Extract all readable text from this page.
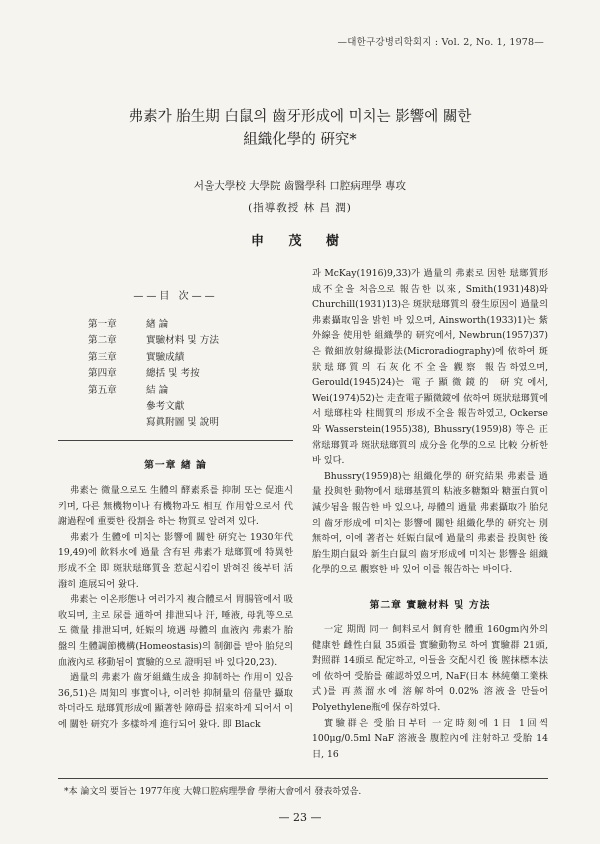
—대한구강병리학회지 : Vol. 2, No. 1, 1978—
弗素가 胎生期 白鼠의 齒牙形成에 미치는 影響에 關한
組織化學的 硏究*
서울大學校 大學院 齒醫學科 口腔病理學 專攻
(指導敎授 林 昌 潤)
申 茂 樹
——目 次——
第一章	緖 論
第二章	實驗材料 및 方法
第三章	實驗成績
第四章	總括 및 考按
第五章	結 論
參考文獻
寫眞附圖 및 說明
第一章 緖 論

弗素는 微量으로도 生體의 酵素系를 抑制 또는 促進시키며, 다른 無機物이나 有機物과도 相互 作用함으로서 代謝過程에 重要한 役割을 하는 物質로 알려져 있다.

弗素가 生體에 미치는 影響에 關한 研究는 1930年代19,49)에 飮料水에 過量 含有된 弗素가 琺瑯質에 特異한 形成不全 即 斑狀琺瑯質을 惹起시킴이 밝혀진 後부터 活潑히 進展되어 왔다.

弗素는 이온形態나 여러가지 複合體로서 胃腸管에서 吸收되며, 主로 尿를 通하여 排泄되나 汗, 唾液, 母乳等으로도 微量 排泄되며, 妊娠의 境遇 母體의 血液內 弗素가 胎盤의 生體調節機構(Homeostasis)의 制御를 받아 胎兒의 血液內로 移動됨이 實驗的으로 證明된 바 있다20,23).

過量의 弗素가 齒牙組織生成을 抑制하는 作用이 있음36,51)은 周知의 事實이나, 이러한 抑制量의 倍量만 攝取하더라도 琺瑯質形成에 顯著한 障碍를 招來하게 되어서 이에 關한 研究가 多樣하게 進行되어 왔다. 即 Black

과 McKay(1916)9,33)가 過量의 弗素로 因한 琺瑯質形成不全을 처음으로 報告한 以來, Smith(1931)48)와 Churchill(1931)13)은 斑狀琺瑯質의 發生原因이 過量의 弗素攝取임을 밝힌 바 있으며, Ainsworth(1933)1)는 紫外線을 使用한 組織學的 研究에서, Newbrun(1957)37)은 微細放射線撮影法(Microradiography)에 依하여 斑狀琺瑯質의 石灰化不全을 觀察 報告하였으며, Gerould(1945)24)는 電子顯微鏡的 研究에서, Wei(1974)52)는 走査電子顯微鏡에 依하여 斑狀琺瑯質에서 琺瑯柱와 柱間質의 形成不全을 報告하였고, Ockerse와 Wasserstein(1955)38), Bhussry(1959)8) 等은 正常琺瑯質과 斑狀琺瑯質의 成分을 化學的으로 比較 分析한 바 있다.

Bhussry(1959)8)는 組織化學的 研究結果 弗素를 過量 投與한 動物에서 琺瑯基質의 粘液多糖類와 糖蛋白質이 減少됨을 報告한 바 있으나, 母體의 過量 弗素攝取가 胎兒의 齒牙形成에 미치는 影響에 關한 組織化學的 研究는 別無하여, 이에 著者는 妊娠白鼠에 過量의 弗素를 投與한 後 胎生期白鼠와 新生白鼠의 齒牙形成에 미치는 影響을 組織化學的으로 觀察한 바 있어 이를 報告하는 바이다.

第二章 實驗材料 및 方法

一定 期間 同一 飼料로서 飼育한 體重 160gm內外의 健康한 雌性白鼠 35頭를 實驗動物로 하여 實驗群 21頭, 對照群 14頭로 配定하고, 이들을 交配시킨 後 膣抹標本法에 依하여 受胎를 確認하였으며, NaF(日本 林純藥工業株式)를 再蒸溜水에 溶解하여 0.02% 溶液을 만들어 Polyethylene瓶에 保存하였다.

實驗群은 受胎日부터 一定時刻에 1日 1回씩 100μg/0.5ml NaF 溶液을 腹腔內에 注射하고 受胎 14日, 16

*本 論文의 要旨는 1977年度 大韓口腔病理學會 學術大會에서 發表하였음.
— 23 —
